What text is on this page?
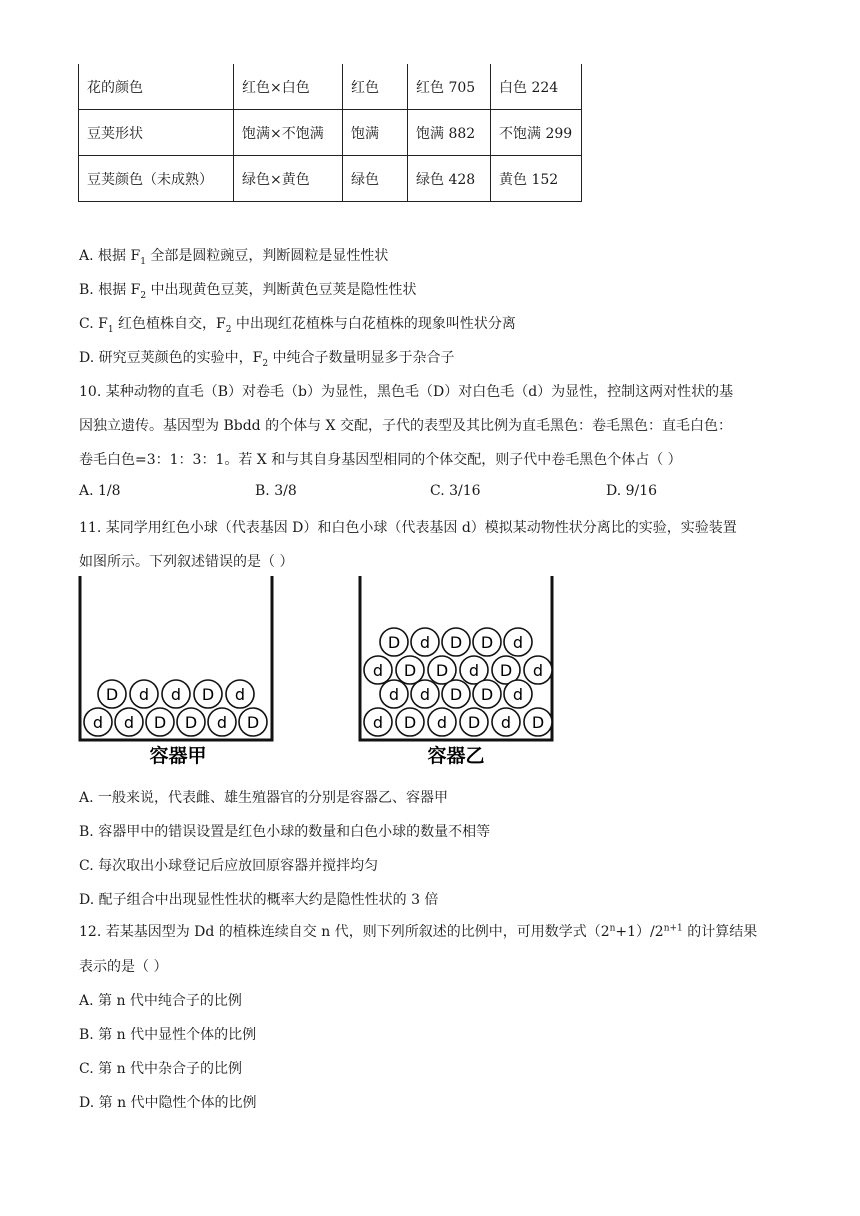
花的颜色	红色×白色	红色	红色 705	白色 224
豆荚形状	饱满×不饱满	饱满	饱满 882	不饱满 299
豆荚颜色（未成熟）	绿色×黄色	绿色	绿色 428	黄色 152
A. 根据 $F_1$ 全部是圆粒豌豆，判断圆粒是显性性状
B. 根据 $F_2$ 中出现黄色豆荚，判断黄色豆荚是隐性性状
C. $F_1$ 红色植株自交，$F_2$ 中出现红花植株与白花植株的现象叫性状分离
D. 研究豆荚颜色的实验中，$F_2$ 中纯合子数量明显多于杂合子
10. 某种动物的直毛（B）对卷毛（b）为显性，黑色毛（D）对白色毛（d）为显性，控制这两对性状的基
因独立遗传。基因型为 Bbdd 的个体与 X 交配，子代的表型及其比例为直毛黑色：卷毛黑色：直毛白色：
卷毛白色=3：1：3：1。若 X 和与其自身基因型相同的个体交配，则子代中卷毛黑色个体占（ ）
A. 1/8	B. 3/8	C. 3/16	D. 9/16
11. 某同学用红色小球（代表基因 D）和白色小球（代表基因 d）模拟某动物性状分离比的实验，实验装置
如图所示。下列叙述错误的是（ ）
D d d D d
d d D D d D
容器甲
D d D D d
d D D d D d
d d D D d
d D d D d D
容器乙
A. 一般来说，代表雌、雄生殖器官的分别是容器乙、容器甲
B. 容器甲中的错误设置是红色小球的数量和白色小球的数量不相等
C. 每次取出小球登记后应放回原容器并搅拌均匀
D. 配子组合中出现显性性状的概率大约是隐性性状的 3 倍
12. 若某基因型为 Dd 的植株连续自交 n 代，则下列所叙述的比例中，可用数学式$(2^n+1)/2^{n+1}$ 的计算结果
表示的是（ ）
A. 第 n 代中纯合子的比例
B. 第 n 代中显性个体的比例
C. 第 n 代中杂合子的比例
D. 第 n 代中隐性个体的比例
